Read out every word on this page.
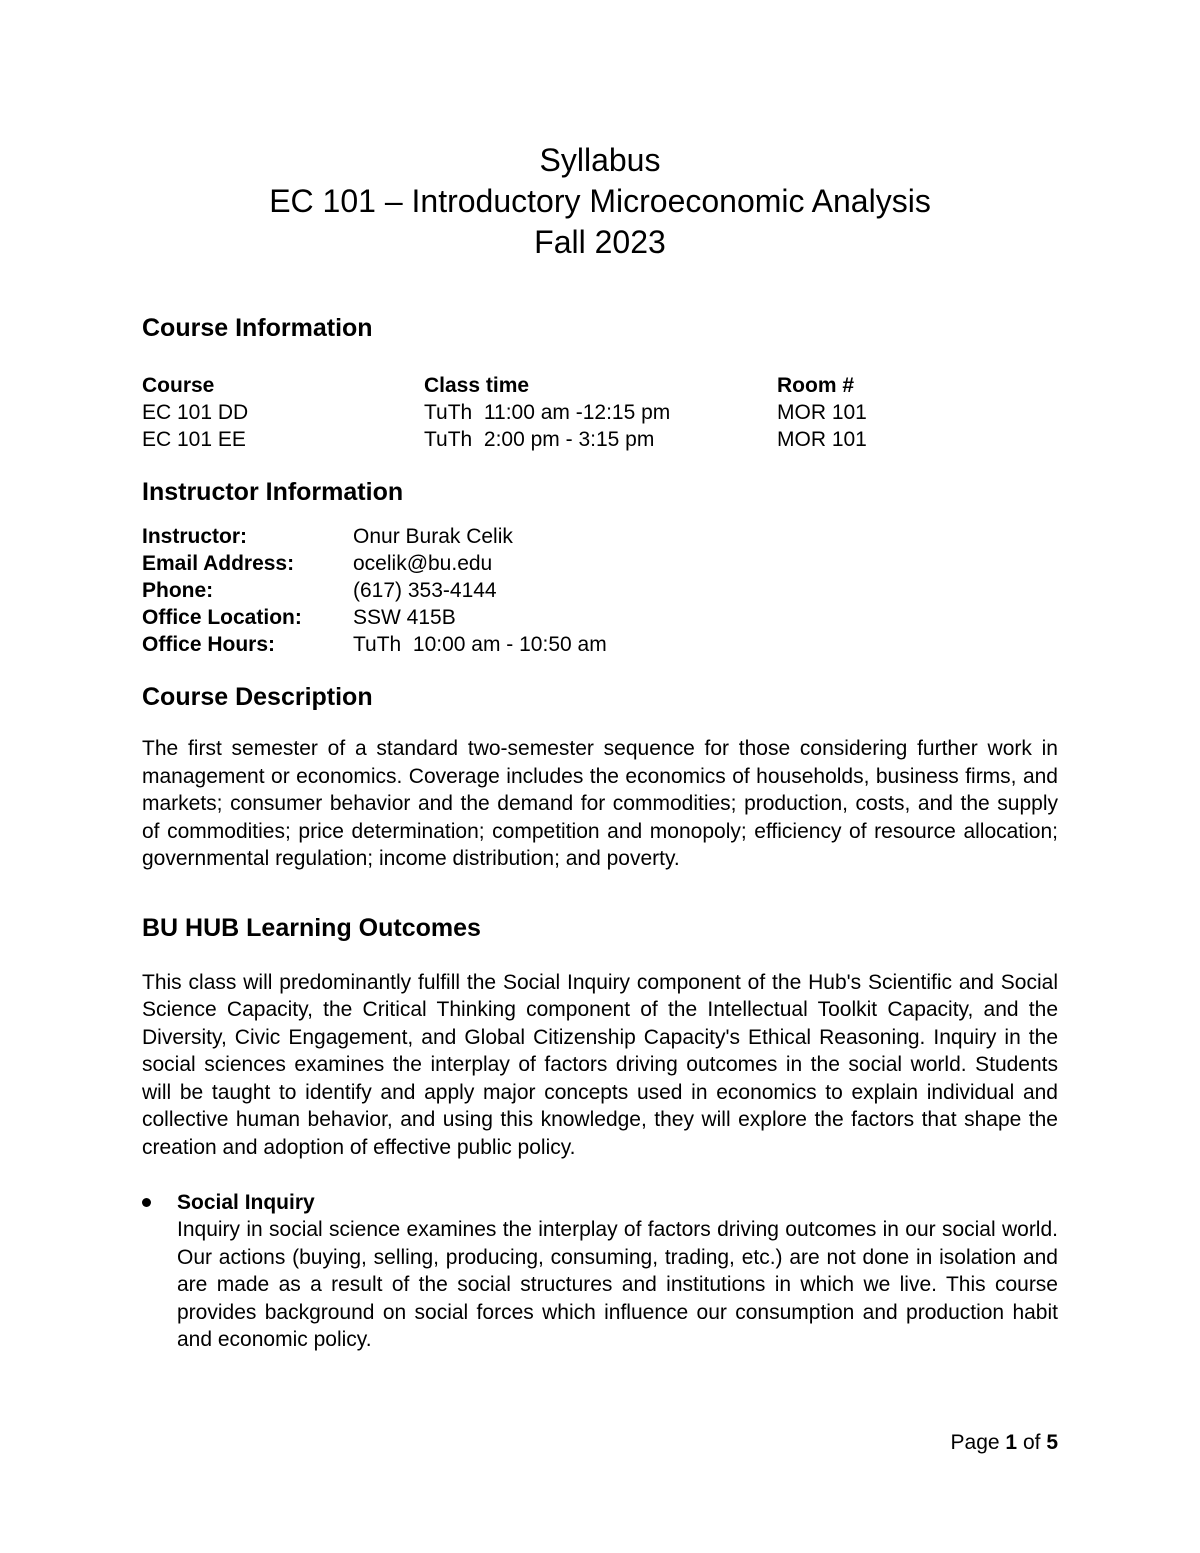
Syllabus
EC 101 – Introductory Microeconomic Analysis
Fall 2023
Course Information
Course	Class time	Room #
EC 101 DD	TuTh  11:00 am -12:15 pm	MOR 101
EC 101 EE	TuTh  2:00 pm - 3:15 pm	MOR 101
Instructor Information
Instructor:	Onur Burak Celik
Email Address:	ocelik@bu.edu
Phone:	(617) 353-4144
Office Location:	SSW 415B
Office Hours:	TuTh  10:00 am - 10:50 am
Course Description

The first semester of a standard two-semester sequence for those considering further work in management or economics. Coverage includes the economics of households, business firms, and markets; consumer behavior and the demand for commodities; production, costs, and the supply of commodities; price determination; competition and monopoly; efficiency of resource allocation; governmental regulation; income distribution; and poverty.

BU HUB Learning Outcomes

This class will predominantly fulfill the Social Inquiry component of the Hub's Scientific and Social Science Capacity, the Critical Thinking component of the Intellectual Toolkit Capacity, and the Diversity, Civic Engagement, and Global Citizenship Capacity's Ethical Reasoning. Inquiry in the social sciences examines the interplay of factors driving outcomes in the social world. Students will be taught to identify and apply major concepts used in economics to explain individual and collective human behavior, and using this knowledge, they will explore the factors that shape the creation and adoption of effective public policy.

Social Inquiry

Inquiry in social science examines the interplay of factors driving outcomes in our social world. Our actions (buying, selling, producing, consuming, trading, etc.) are not done in isolation and are made as a result of the social structures and institutions in which we live. This course provides background on social forces which influence our consumption and production habit and economic policy.

Page 1 of 5
